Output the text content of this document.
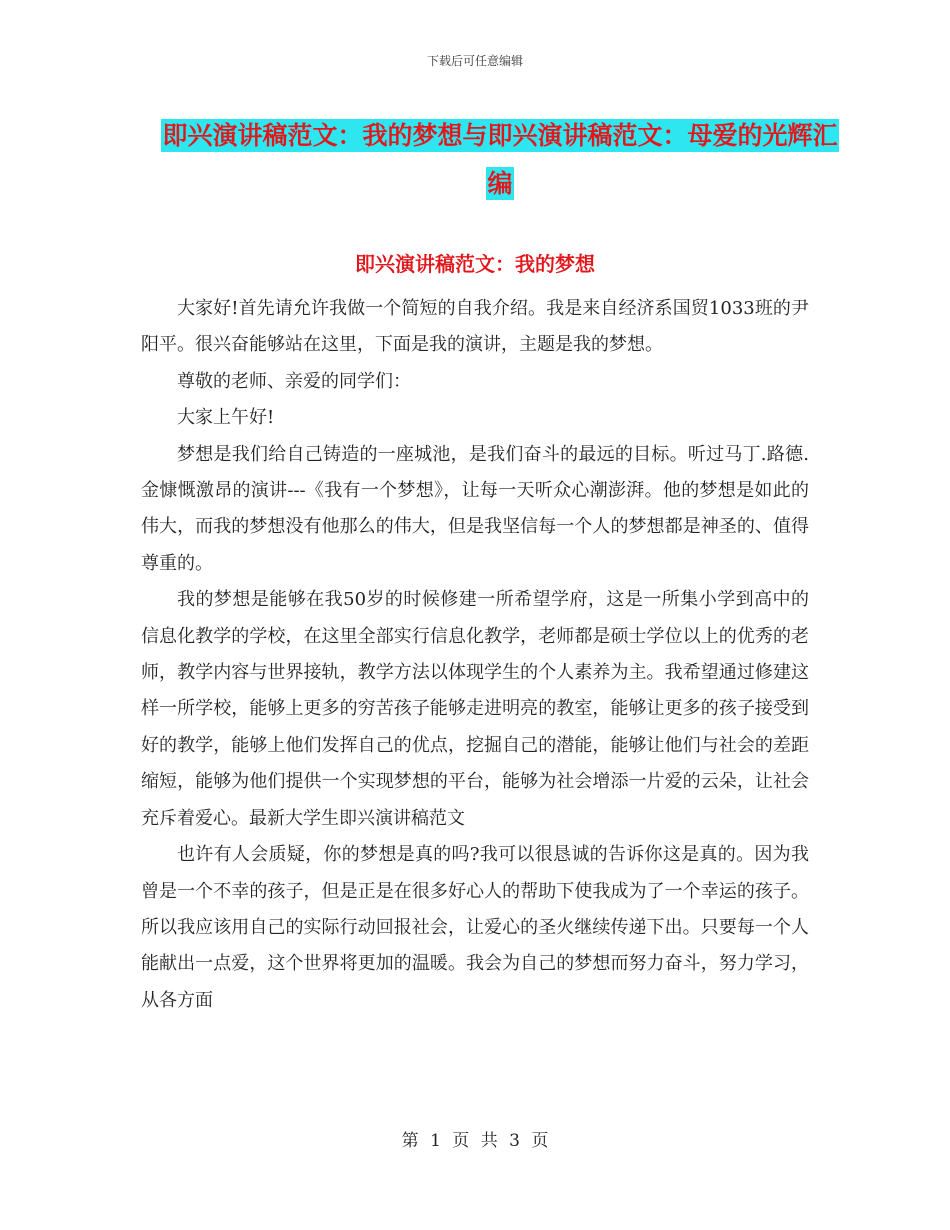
下载后可任意编辑
即兴演讲稿范文：我的梦想与即兴演讲稿范文：母爱的光辉汇编
即兴演讲稿范文：我的梦想

大家好!首先请允许我做一个简短的自我介绍。我是来自经济系国贸1033班的尹阳平。很兴奋能够站在这里，下面是我的演讲，主题是我的梦想。

尊敬的老师、亲爱的同学们：

大家上午好!

梦想是我们给自己铸造的一座城池，是我们奋斗的最远的目标。听过马丁.路德.金慷慨激昂的演讲---《我有一个梦想》，让每一天听众心潮澎湃。他的梦想是如此的伟大，而我的梦想没有他那么的伟大，但是我坚信每一个人的梦想都是神圣的、值得尊重的。

我的梦想是能够在我50岁的时候修建一所希望学府，这是一所集小学到高中的信息化教学的学校，在这里全部实行信息化教学，老师都是硕士学位以上的优秀的老师，教学内容与世界接轨，教学方法以体现学生的个人素养为主。我希望通过修建这样一所学校，能够上更多的穷苦孩子能够走进明亮的教室，能够让更多的孩子接受到好的教学，能够上他们发挥自己的优点，挖掘自己的潜能，能够让他们与社会的差距缩短，能够为他们提供一个实现梦想的平台，能够为社会增添一片爱的云朵，让社会充斥着爱心。最新大学生即兴演讲稿范文

也许有人会质疑，你的梦想是真的吗?我可以很恳诚的告诉你这是真的。因为我曾是一个不幸的孩子，但是正是在很多好心人的帮助下使我成为了一个幸运的孩子。所以我应该用自己的实际行动回报社会，让爱心的圣火继续传递下出。只要每一个人能献出一点爱，这个世界将更加的温暖。我会为自己的梦想而努力奋斗，努力学习，从各方面

第 1 页 共 3 页
